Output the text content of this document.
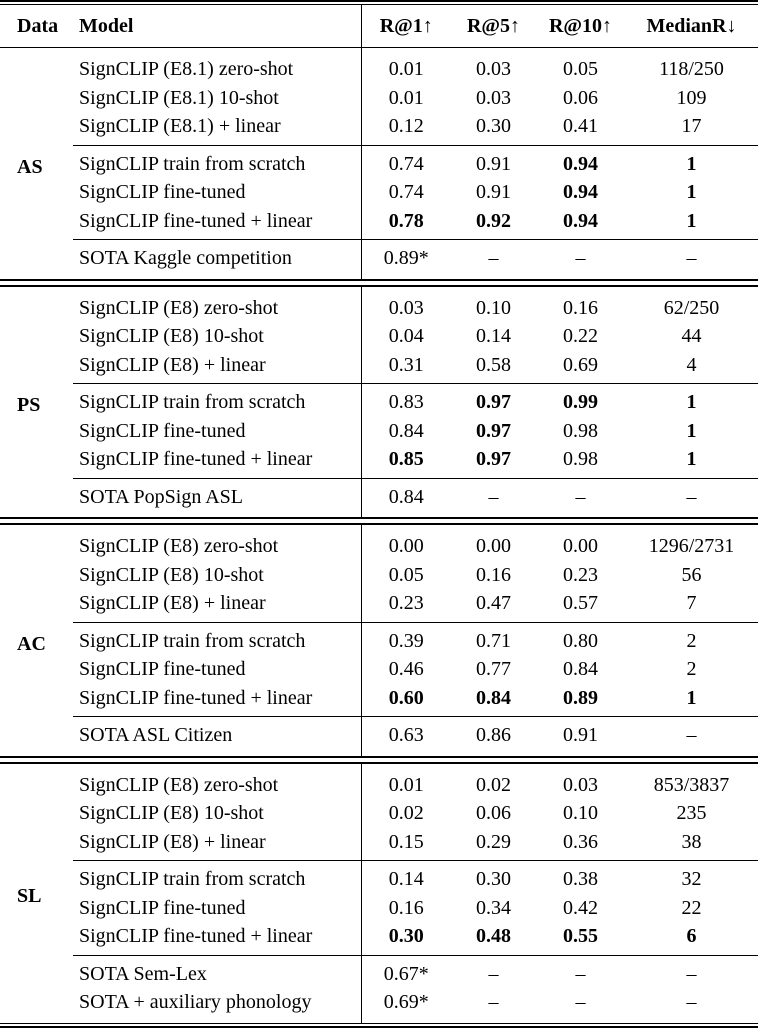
Data	Model	R@1↑	R@5↑	R@10↑	MedianR↓
AS	SignCLIP (E8.1) zero-shot	0.01	0.03	0.05	118/250
	SignCLIP (E8.1) 10-shot	0.01	0.03	0.06	109
	SignCLIP (E8.1) + linear	0.12	0.30	0.41	17
	SignCLIP train from scratch	0.74	0.91	0.94	1
	SignCLIP fine-tuned	0.74	0.91	0.94	1
	SignCLIP fine-tuned + linear	0.78	0.92	0.94	1
	SOTA Kaggle competition	0.89*	–	–	–

PS	SignCLIP (E8) zero-shot	0.03	0.10	0.16	62/250
	SignCLIP (E8) 10-shot	0.04	0.14	0.22	44
	SignCLIP (E8) + linear	0.31	0.58	0.69	4
	SignCLIP train from scratch	0.83	0.97	0.99	1
	SignCLIP fine-tuned	0.84	0.97	0.98	1
	SignCLIP fine-tuned + linear	0.85	0.97	0.98	1
	SOTA PopSign ASL	0.84	–	–	–

AC	SignCLIP (E8) zero-shot	0.00	0.00	0.00	1296/2731
	SignCLIP (E8) 10-shot	0.05	0.16	0.23	56
	SignCLIP (E8) + linear	0.23	0.47	0.57	7
	SignCLIP train from scratch	0.39	0.71	0.80	2
	SignCLIP fine-tuned	0.46	0.77	0.84	2
	SignCLIP fine-tuned + linear	0.60	0.84	0.89	1
	SOTA ASL Citizen	0.63	0.86	0.91	–

SL	SignCLIP (E8) zero-shot	0.01	0.02	0.03	853/3837
	SignCLIP (E8) 10-shot	0.02	0.06	0.10	235
	SignCLIP (E8) + linear	0.15	0.29	0.36	38
	SignCLIP train from scratch	0.14	0.30	0.38	32
	SignCLIP fine-tuned	0.16	0.34	0.42	22
	SignCLIP fine-tuned + linear	0.30	0.48	0.55	6
	SOTA Sem-Lex	0.67*	–	–	–
	SOTA + auxiliary phonology	0.69*	–	–	–
